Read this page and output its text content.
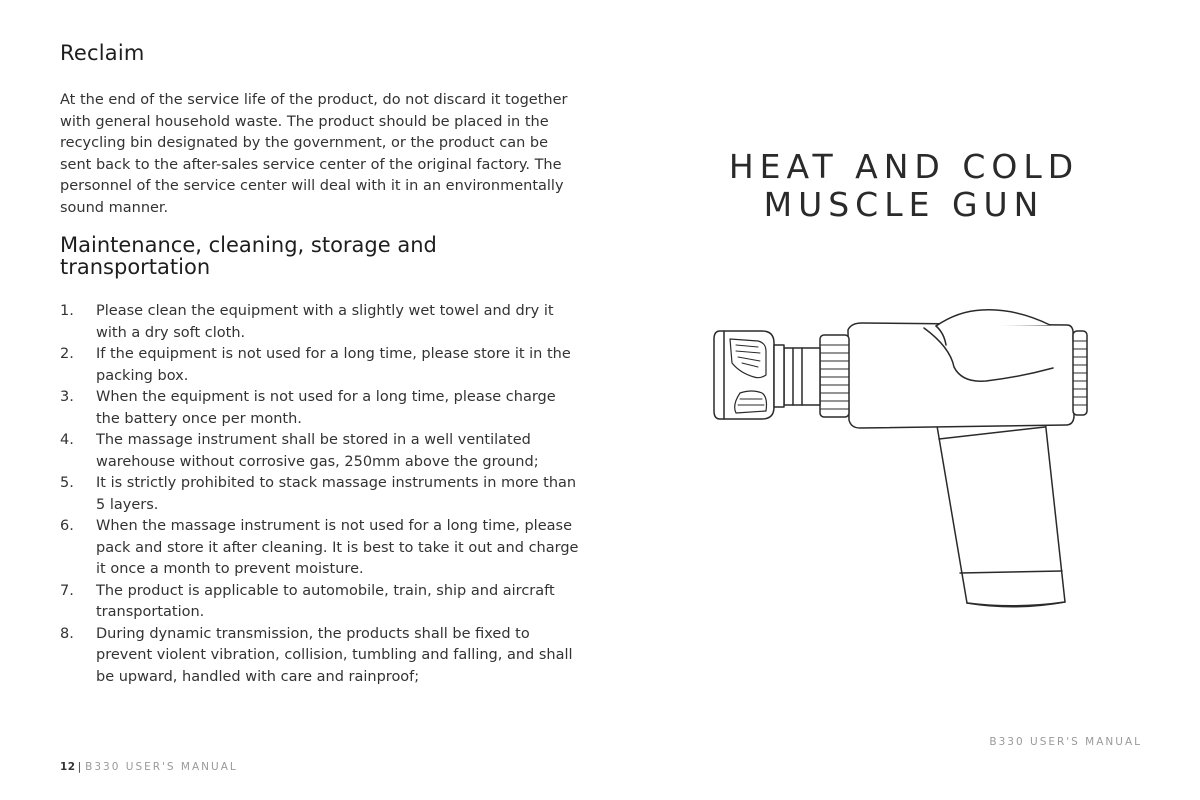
Reclaim

At the end of the service life of the product, do not discard it together with general household waste. The product should be placed in the recycling bin designated by the government, or the product can be sent back to the after-sales service center of the original factory. The personnel of the service center will deal with it in an environmentally sound manner.

Maintenance, cleaning, storage and transportation
1. Please clean the equipment with a slightly wet towel and dry it with a dry soft cloth.
2. If the equipment is not used for a long time, please store it in the packing box.
3. When the equipment is not used for a long time, please charge the battery once per month.
4. The massage instrument shall be stored in a well ventilated warehouse without corrosive gas, 250mm above the ground;
5. It is strictly prohibited to stack massage instruments in more than 5 layers.
6. When the massage instrument is not used for a long time, please pack and store it after cleaning. It is best to take it out and charge it once a month to prevent moisture.
7. The product is applicable to automobile, train, ship and aircraft transportation.
8. During dynamic transmission, the products shall be fixed to prevent violent vibration, collision, tumbling and falling, and shall be upward, handled with care and rainproof;
12 | B330 USER'S MANUAL
HEAT AND COLD
MUSCLE GUN
B330 USER'S MANUAL
